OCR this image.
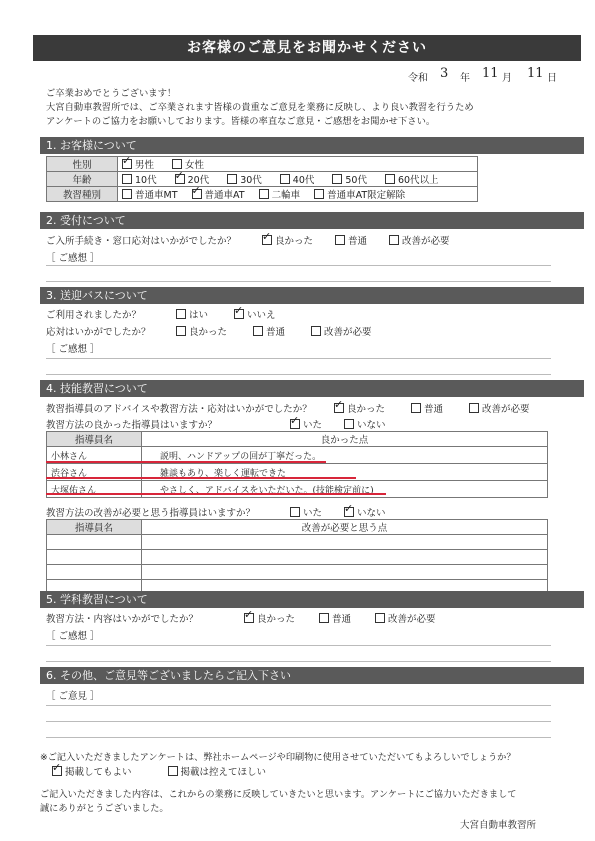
お客様のご意見をお聞かせください
令和 3 年 11 月 11 日
ご卒業おめでとうございます！
大宮自動車教習所では、ご卒業されます皆様の貴重なご意見を業務に反映し、より良い教習を行うため
アンケートのご協力をお願いしております。皆様の率直なご意見・ご感想をお聞かせ下さい。
1. お客様について
性別	✓男性 女性
年齢	10代 ✓ 20代 30代 40代 50代 60代以上
教習種別	普通車MT ✓ 普通車AT 二輪車 普通車AT限定解除
2. 受付について
ご入所手続き・窓口応対はいかがでしたか？ ✓	良かった	普通	改善が必要
［ ご感想 ］
3. 送迎バスについて
ご利用されましたか？	はい ✓	いいえ
応対はいかがでしたか？	良かった	普通	改善が必要
［ ご感想 ］
4. 技能教習について
教習指導員のアドバイスや教習方法・応対はいかがでしたか？ ✓	良かった	普通	改善が必要
教習方法の良かった指導員はいますか？ ✓	いた	いない
指導員名	良かった点
小林さん	説明、ハンドアップの回が丁寧だった。
渋谷さん	雑談もあり、楽しく運転できた
大塚佑さん	やさしく、アドバイスをいただいた。(技能検定前に)
教習方法の改善が必要と思う指導員はいますか？	いた ✓	いない
指導員名	改善が必要と思う点

5. 学科教習について
教習方法・内容はいかがでしたか？ ✓	良かった	普通	改善が必要
［ ご感想 ］
6. その他、ご意見等ございましたらご記入下さい
［ ご意見 ］
※ご記入いただきましたアンケートは、弊社ホームページや印刷物に使用させていただいてもよろしいでしょうか？
✓掲載してもよい	掲載は控えてほしい
ご記入いただきました内容は、これからの業務に反映していきたいと思います。アンケートにご協力いただきまして
誠にありがとうございました。
大宮自動車教習所
